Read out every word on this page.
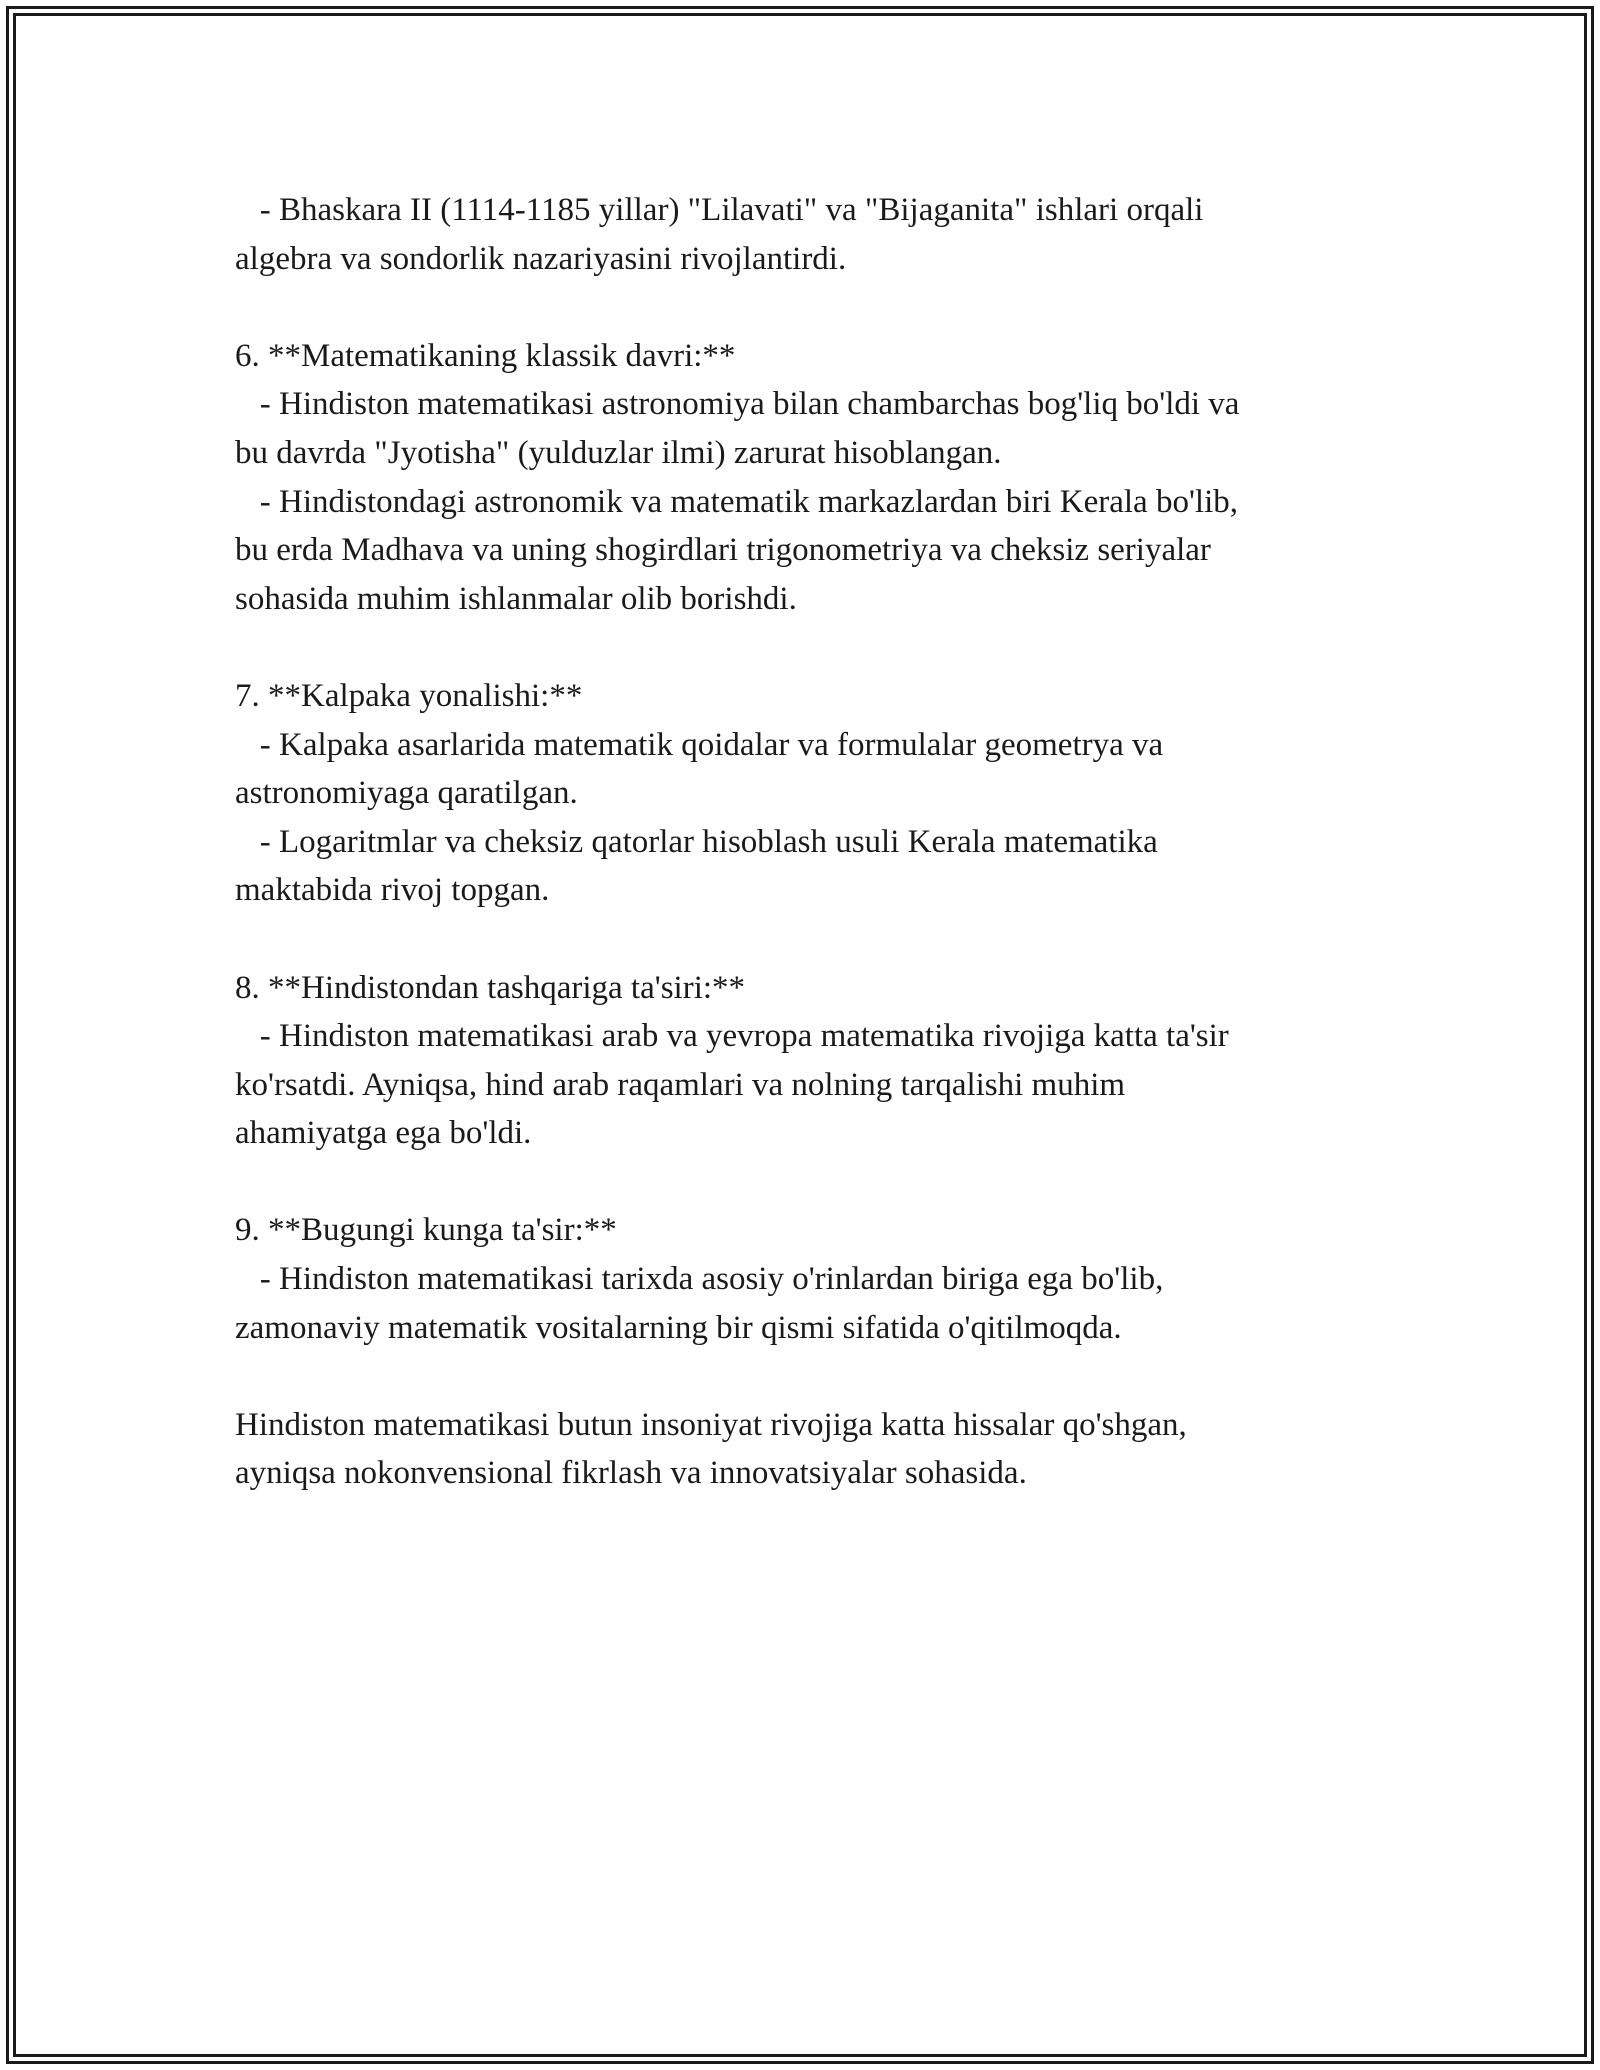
- Bhaskara II (1114-1185 yillar) "Lilavati" va "Bijaganita" ishlari orqali
algebra va sondorlik nazariyasini rivojlantirdi.
6. **Matematikaning klassik davri:**
- Hindiston matematikasi astronomiya bilan chambarchas bog'liq bo'ldi va
bu davrda "Jyotisha" (yulduzlar ilmi) zarurat hisoblangan.
- Hindistondagi astronomik va matematik markazlardan biri Kerala bo'lib,
bu erda Madhava va uning shogirdlari trigonometriya va cheksiz seriyalar
sohasida muhim ishlanmalar olib borishdi.
7. **Kalpaka yonalishi:**
- Kalpaka asarlarida matematik qoidalar va formulalar geometrya va
astronomiyaga qaratilgan.
- Logaritmlar va cheksiz qatorlar hisoblash usuli Kerala matematika
maktabida rivoj topgan.
8. **Hindistondan tashqariga ta'siri:**
- Hindiston matematikasi arab va yevropa matematika rivojiga katta ta'sir
ko'rsatdi. Ayniqsa, hind arab raqamlari va nolning tarqalishi muhim
ahamiyatga ega bo'ldi.
9. **Bugungi kunga ta'sir:**
- Hindiston matematikasi tarixda asosiy o'rinlardan biriga ega bo'lib,
zamonaviy matematik vositalarning bir qismi sifatida o'qitilmoqda.
Hindiston matematikasi butun insoniyat rivojiga katta hissalar qo'shgan,
ayniqsa nokonvensional fikrlash va innovatsiyalar sohasida.
